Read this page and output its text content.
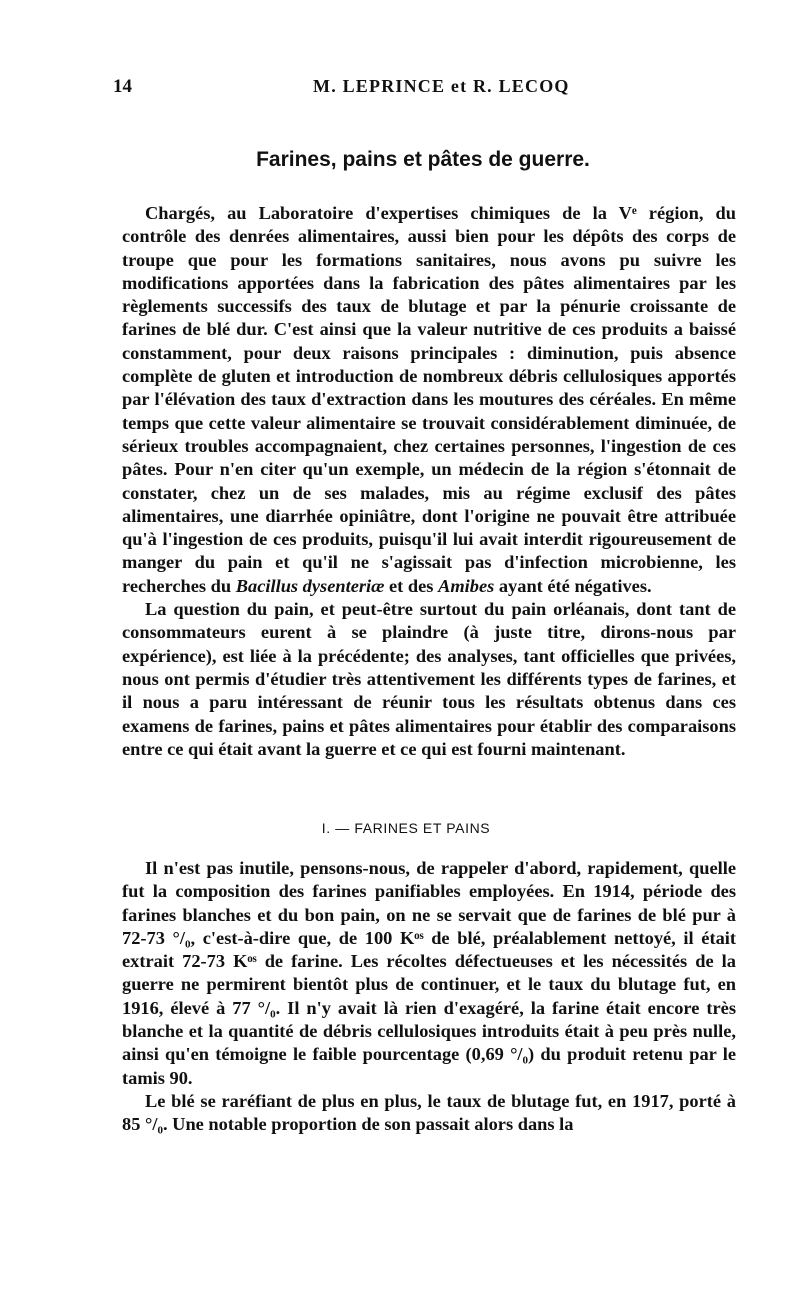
14	M. LEPRINCE et R. LECOQ
Farines, pains et pâtes de guerre.

Chargés, au Laboratoire d'expertises chimiques de la Vᵉ région, du contrôle des denrées alimentaires, aussi bien pour les dépôts des corps de troupe que pour les formations sanitaires, nous avons pu suivre les modifications apportées dans la fabrication des pâtes alimentaires par les règlements successifs des taux de blutage et par la pénurie croissante de farines de blé dur. C'est ainsi que la valeur nutritive de ces produits a baissé constamment, pour deux raisons principales : diminution, puis absence complète de gluten et introduction de nombreux débris cellulosiques apportés par l'élévation des taux d'extraction dans les moutures des céréales. En même temps que cette valeur alimentaire se trouvait considérablement diminuée, de sérieux troubles accompagnaient, chez certaines personnes, l'ingestion de ces pâtes. Pour n'en citer qu'un exemple, un médecin de la région s'étonnait de constater, chez un de ses malades, mis au régime exclusif des pâtes alimentaires, une diarrhée opiniâtre, dont l'origine ne pouvait être attribuée qu'à l'ingestion de ces produits, puisqu'il lui avait interdit rigoureusement de manger du pain et qu'il ne s'agissait pas d'infection microbienne, les recherches du Bacillus dysenteriæ et des Amibes ayant été négatives.

La question du pain, et peut-être surtout du pain orléanais, dont tant de consommateurs eurent à se plaindre (à juste titre, dirons-nous par expérience), est liée à la précédente; des analyses, tant officielles que privées, nous ont permis d'étudier très attentivement les différents types de farines, et il nous a paru intéressant de réunir tous les résultats obtenus dans ces examens de farines, pains et pâtes alimentaires pour établir des comparaisons entre ce qui était avant la guerre et ce qui est fourni maintenant.

I. — FARINES ET PAINS

Il n'est pas inutile, pensons-nous, de rappeler d'abord, rapidement, quelle fut la composition des farines panifiables employées. En 1914, période des farines blanches et du bon pain, on ne se servait que de farines de blé pur à 72-73 °/₀, c'est-à-dire que, de 100 Kᵒˢ de blé, préalablement nettoyé, il était extrait 72-73 Kᵒˢ de farine. Les récoltes défectueuses et les nécessités de la guerre ne permirent bientôt plus de continuer, et le taux du blutage fut, en 1916, élevé à 77 °/₀. Il n'y avait là rien d'exagéré, la farine était encore très blanche et la quantité de débris cellulosiques introduits était à peu près nulle, ainsi qu'en témoigne le faible pourcentage (0,69 °/₀) du produit retenu par le tamis 90.

Le blé se raréfiant de plus en plus, le taux de blutage fut, en 1917, porté à 85 °/₀. Une notable proportion de son passait alors dans la
